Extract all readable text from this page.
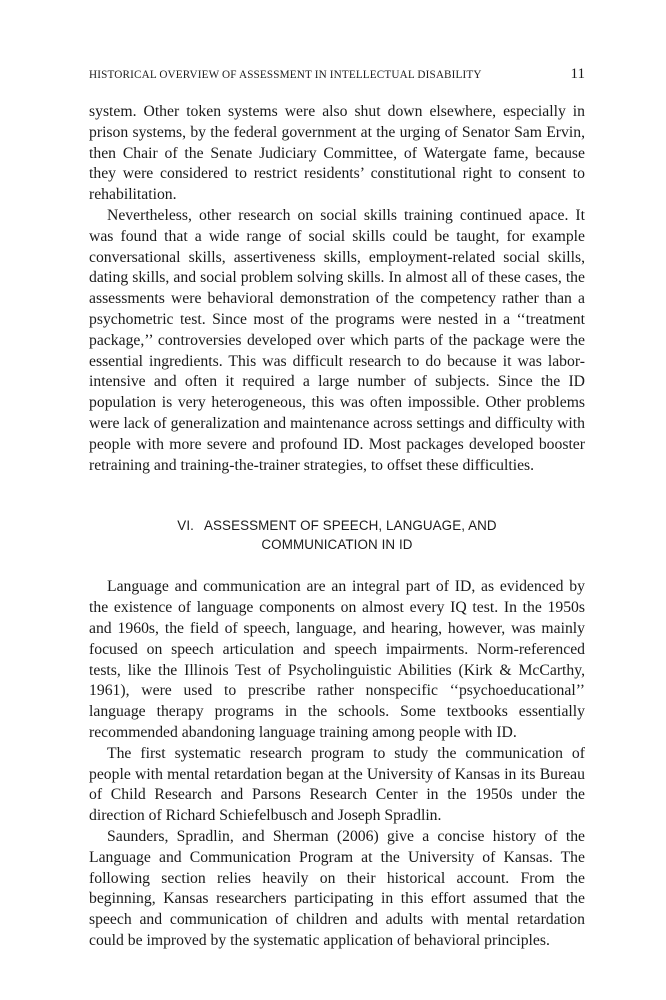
HISTORICAL OVERVIEW OF ASSESSMENT IN INTELLECTUAL DISABILITY	11

system. Other token systems were also shut down elsewhere, especially in prison systems, by the federal government at the urging of Senator Sam Ervin, then Chair of the Senate Judiciary Committee, of Watergate fame, because they were considered to restrict residents’ constitutional right to consent to rehabilitation.

Nevertheless, other research on social skills training continued apace. It was found that a wide range of social skills could be taught, for example conversational skills, assertiveness skills, employment-related social skills, dating skills, and social problem solving skills. In almost all of these cases, the assessments were behavioral demonstration of the competency rather than a psychometric test. Since most of the programs were nested in a ‘‘treatment package,’’ controversies developed over which parts of the package were the essential ingredients. This was difficult research to do because it was labor-intensive and often it required a large number of subjects. Since the ID population is very heterogeneous, this was often impossible. Other problems were lack of generalization and maintenance across settings and difficulty with people with more severe and profound ID. Most packages developed booster retraining and training-the-trainer strategies, to offset these difficulties.

VI. ASSESSMENT OF SPEECH, LANGUAGE, AND
COMMUNICATION IN ID

Language and communication are an integral part of ID, as evidenced by the existence of language components on almost every IQ test. In the 1950s and 1960s, the field of speech, language, and hearing, however, was mainly focused on speech articulation and speech impairments. Norm-referenced tests, like the Illinois Test of Psycholinguistic Abilities (Kirk & McCarthy, 1961), were used to prescribe rather nonspecific ‘‘psychoeducational’’ language therapy programs in the schools. Some textbooks essentially recommended abandoning language training among people with ID.

The first systematic research program to study the communication of people with mental retardation began at the University of Kansas in its Bureau of Child Research and Parsons Research Center in the 1950s under the direction of Richard Schiefelbusch and Joseph Spradlin.

Saunders, Spradlin, and Sherman (2006) give a concise history of the Language and Communication Program at the University of Kansas. The following section relies heavily on their historical account. From the beginning, Kansas researchers participating in this effort assumed that the speech and communication of children and adults with mental retardation could be improved by the systematic application of behavioral principles.
